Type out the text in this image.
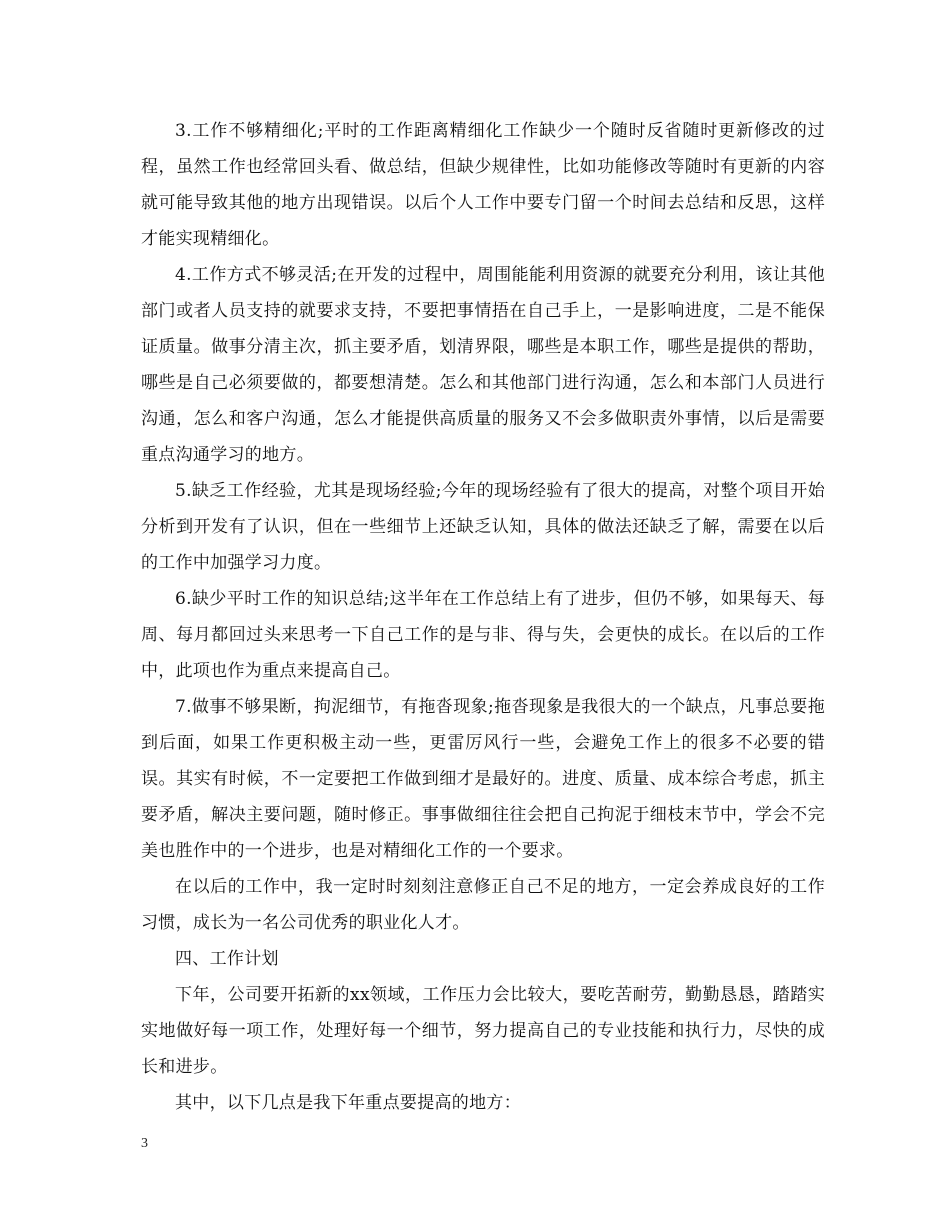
3.工作不够精细化;平时的工作距离精细化工作缺少一个随时反省随时更新修改的过程，虽然工作也经常回头看、做总结，但缺少规律性，比如功能修改等随时有更新的内容就可能导致其他的地方出现错误。以后个人工作中要专门留一个时间去总结和反思，这样才能实现精细化。

4.工作方式不够灵活;在开发的过程中，周围能能利用资源的就要充分利用，该让其他部门或者人员支持的就要求支持，不要把事情捂在自己手上，一是影响进度，二是不能保证质量。做事分清主次，抓主要矛盾，划清界限，哪些是本职工作，哪些是提供的帮助，哪些是自己必须要做的，都要想清楚。怎么和其他部门进行沟通，怎么和本部门人员进行沟通，怎么和客户沟通，怎么才能提供高质量的服务又不会多做职责外事情，以后是需要重点沟通学习的地方。

5.缺乏工作经验，尤其是现场经验;今年的现场经验有了很大的提高，对整个项目开始分析到开发有了认识，但在一些细节上还缺乏认知，具体的做法还缺乏了解，需要在以后的工作中加强学习力度。

6.缺少平时工作的知识总结;这半年在工作总结上有了进步，但仍不够，如果每天、每周、每月都回过头来思考一下自己工作的是与非、得与失，会更快的成长。在以后的工作中，此项也作为重点来提高自己。

7.做事不够果断，拘泥细节，有拖沓现象;拖沓现象是我很大的一个缺点，凡事总要拖到后面，如果工作更积极主动一些，更雷厉风行一些，会避免工作上的很多不必要的错误。其实有时候，不一定要把工作做到细才是最好的。进度、质量、成本综合考虑，抓主要矛盾，解决主要问题，随时修正。事事做细往往会把自己拘泥于细枝末节中，学会不完美也胜作中的一个进步，也是对精细化工作的一个要求。

在以后的工作中，我一定时时刻刻注意修正自己不足的地方，一定会养成良好的工作习惯，成长为一名公司优秀的职业化人才。

四、工作计划

下年，公司要开拓新的xx领域，工作压力会比较大，要吃苦耐劳，勤勤恳恳，踏踏实实地做好每一项工作，处理好每一个细节，努力提高自己的专业技能和执行力，尽快的成长和进步。

其中，以下几点是我下年重点要提高的地方：

3
